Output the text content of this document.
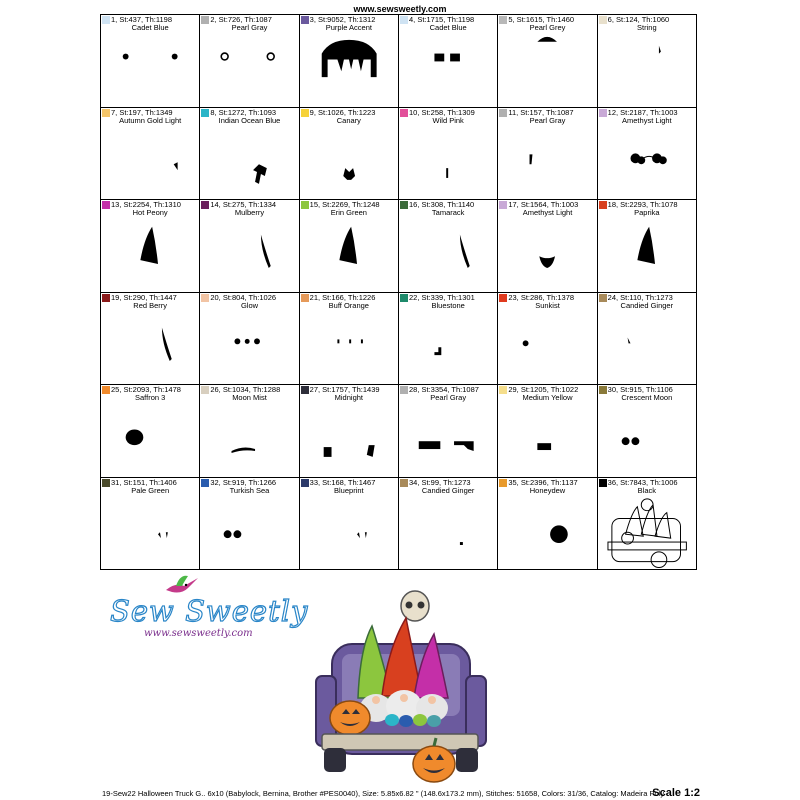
www.sewsweetly.com
1, St:437, Th:1198
Cadet Blue
2, St:726, Th:1087
Pearl Gray
3, St:9052, Th:1312
Purple Accent
4, St:1715, Th:1198
Cadet Blue
5, St:1615, Th:1460
Pearl Grey
6, St:124, Th:1060
String
7, St:197, Th:1349
Autumn Gold Light
8, St:1272, Th:1093
Indian Ocean Blue
9, St:1026, Th:1223
Canary
10, St:258, Th:1309
Wild Pink
11, St:157, Th:1087
Pearl Gray
12, St:2187, Th:1003
Amethyst Light
13, St:2254, Th:1310
Hot Peony
14, St:275, Th:1334
Mulberry
15, St:2269, Th:1248
Erin Green
16, St:308, Th:1140
Tamarack
17, St:1564, Th:1003
Amethyst Light
18, St:2293, Th:1078
Paprika
19, St:290, Th:1447
Red Berry
20, St:804, Th:1026
Glow
21, St:166, Th:1226
Buff Orange
22, St:339, Th:1301
Bluestone
23, St:286, Th:1378
Sunkist
24, St:110, Th:1273
Candied Ginger
25, St:2093, Th:1478
Saffron 3
26, St:1034, Th:1288
Moon Mist
27, St:1757, Th:1439
Midnight
28, St:3354, Th:1087
Pearl Gray
29, St:1205, Th:1022
Medium Yellow
30, St:915, Th:1106
Crescent Moon
31, St:151, Th:1406
Pale Green
32, St:919, Th:1266
Turkish Sea
33, St:168, Th:1467
Blueprint
34, St:99, Th:1273
Candied Ginger
35, St:2396, Th:1137
Honeydew
36, St:7843, Th:1006
Black
Sew Sweetly
www.sewsweetly.com
19-Sew22 Halloween Truck G.. 6x10 (Babylock, Bernina, Brother #PES0040), Size: 5.85x6.82 " (148.6x173.2 mm), Stitches: 51658, Colors: 31/36, Catalog: Madeira Poly
Scale 1:2
